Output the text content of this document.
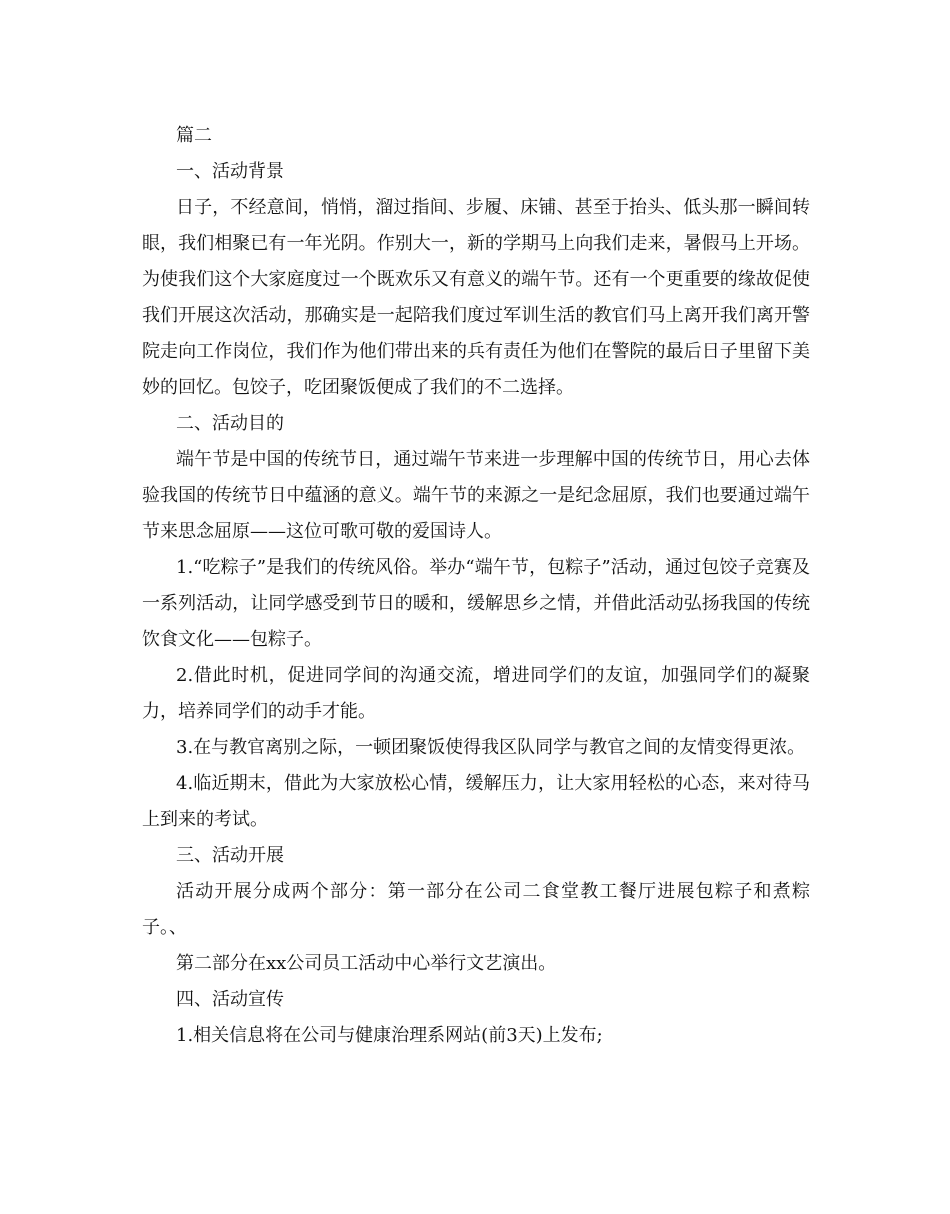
篇二

一、活动背景

日子，不经意间，悄悄，溜过指间、步履、床铺、甚至于抬头、低头那一瞬间转眼，我们相聚已有一年光阴。作别大一，新的学期马上向我们走来，暑假马上开场。为使我们这个大家庭度过一个既欢乐又有意义的端午节。还有一个更重要的缘故促使我们开展这次活动，那确实是一起陪我们度过军训生活的教官们马上离开我们离开警院走向工作岗位，我们作为他们带出来的兵有责任为他们在警院的最后日子里留下美妙的回忆。包饺子，吃团聚饭便成了我们的不二选择。

二、活动目的

端午节是中国的传统节日，通过端午节来进一步理解中国的传统节日，用心去体验我国的传统节日中蕴涵的意义。端午节的来源之一是纪念屈原，我们也要通过端午节来思念屈原——这位可歌可敬的爱国诗人。

1.“吃粽子”是我们的传统风俗。举办“端午节，包粽子”活动，通过包饺子竞赛及一系列活动，让同学感受到节日的暖和，缓解思乡之情，并借此活动弘扬我国的传统饮食文化——包粽子。

2.借此时机，促进同学间的沟通交流，增进同学们的友谊，加强同学们的凝聚力，培养同学们的动手才能。

3.在与教官离别之际，一顿团聚饭使得我区队同学与教官之间的友情变得更浓。

4.临近期末，借此为大家放松心情，缓解压力，让大家用轻松的心态，来对待马上到来的考试。

三、活动开展

活动开展分成两个部分：第一部分在公司二食堂教工餐厅进展包粽子和煮粽子。、

第二部分在xx公司员工活动中心举行文艺演出。

四、活动宣传

1.相关信息将在公司与健康治理系网站(前3天)上发布;
